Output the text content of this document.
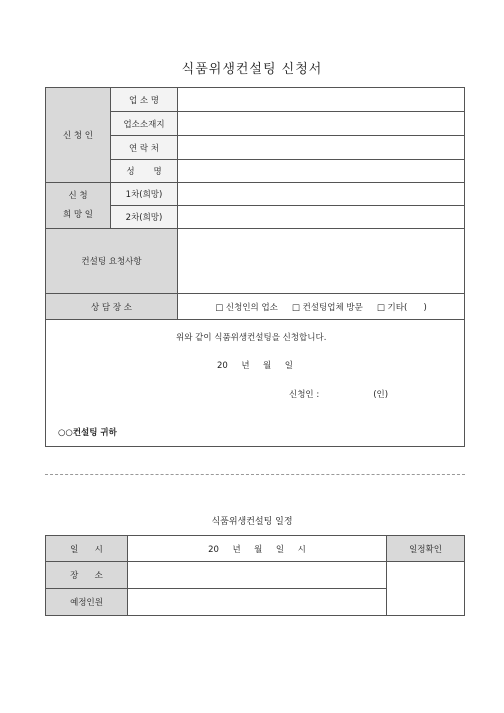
식품위생컨설팅 신청서
신 청 인	업 소 명	
	업소소재지	
	연 락 처	
	성       명	
신 청
희 망 일	1차(희망)	
	2차(희망)	
컨설팅 요청사항		
상 담 장 소		□ 신청인의 업소 □ 컨설팅업체 방문 □ 기타(      )

위와 같이 식품위생컨설팅을 신청합니다.
20     년     월     일
신청인 :                    (인)
○○컨설팅 귀하		
식품위생컨설팅 일정
일      시	20     년     월     일     시	일정확인
장      소		
예정인원		
